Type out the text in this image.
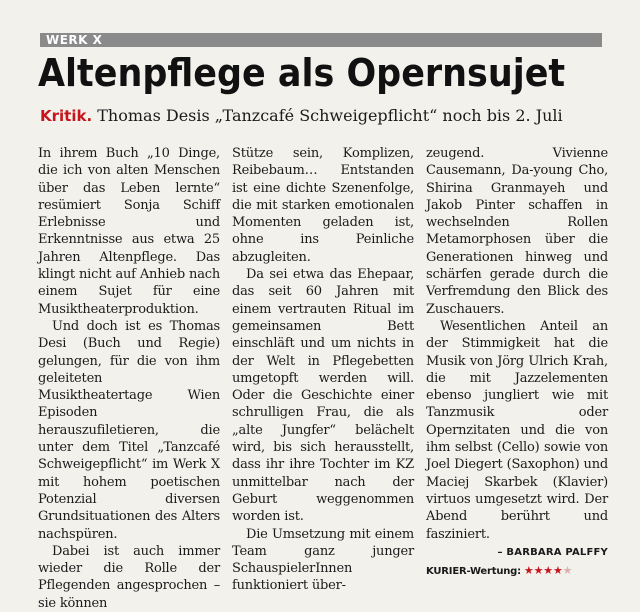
WERK X
Altenpflege als Opernsujet
Kritik. Thomas Desis „Tanzcafé Schweigepflicht“ noch bis 2. Juli

In ihrem Buch „10 Dinge, die ich von alten Menschen über das Leben lernte“ resümiert Sonja Schiff Erlebnisse und Erkenntnisse aus etwa 25 Jahren Altenpflege. Das klingt nicht auf Anhieb nach einem Sujet für eine Musiktheaterproduktion.

Und doch ist es Thomas Desi (Buch und Regie) gelungen, für die von ihm geleiteten Musiktheatertage Wien Episoden herauszufiletieren, die unter dem Titel „Tanzcafé Schweigepflicht“ im Werk X mit hohem poetischen Potenzial diversen Grundsituationen des Alters nachspüren.

Dabei ist auch immer wieder die Rolle der Pflegenden angesprochen – sie können

Stütze sein, Komplizen, Reibebaum… Entstanden ist eine dichte Szenenfolge, die mit starken emotionalen Momenten geladen ist, ohne ins Peinliche abzugleiten.

Da sei etwa das Ehepaar, das seit 60 Jahren mit einem vertrauten Ritual im gemeinsamen Bett einschläft und um nichts in der Welt in Pflegebetten umgetopft werden will. Oder die Geschichte einer schrulligen Frau, die als „alte Jungfer“ belächelt wird, bis sich herausstellt, dass ihr ihre Tochter im KZ unmittelbar nach der Geburt weggenommen worden ist.

Die Umsetzung mit einem Team ganz junger SchauspielerInnen funktioniert über-

zeugend. Vivienne Causemann, Da-young Cho, Shirina Granmayeh und Jakob Pinter schaffen in wechselnden Rollen Metamorphosen über die Generationen hinweg und schärfen gerade durch die Verfremdung den Blick des Zuschauers.

Wesentlichen Anteil an der Stimmigkeit hat die Musik von Jörg Ulrich Krah, die mit Jazzelementen ebenso jungliert wie mit Tanzmusik oder Opernzitaten und die von ihm selbst (Cello) sowie von Joel Diegert (Saxophon) und Maciej Skarbek (Klavier) virtuos umgesetzt wird. Der Abend berührt und fasziniert.

– BARBARA PALFFY
KURIER-Wertung: ★★★★★
